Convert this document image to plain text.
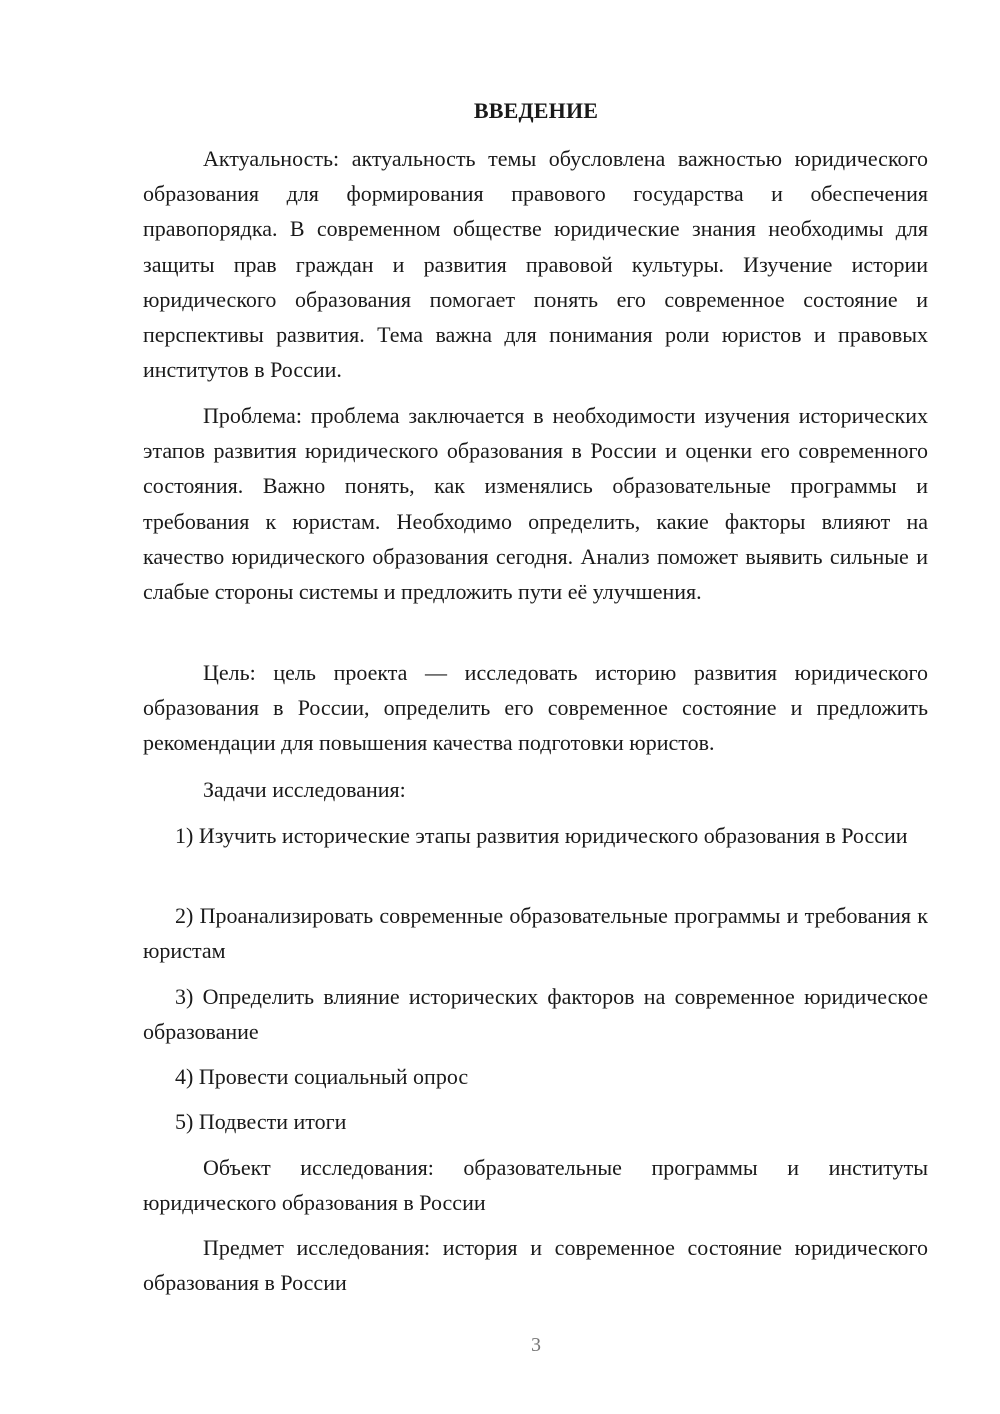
ВВЕДЕНИЕ

Актуальность: актуальность темы обусловлена важностью юридического образования для формирования правового государства и обеспечения правопорядка. В современном обществе юридические знания необходимы для защиты прав граждан и развития правовой культуры. Изучение истории юридического образования помогает понять его современное состояние и перспективы развития. Тема важна для понимания роли юристов и правовых институтов в России.

Проблема: проблема заключается в необходимости изучения исторических этапов развития юридического образования в России и оценки его современного состояния. Важно понять, как изменялись образовательные программы и требования к юристам. Необходимо определить, какие факторы влияют на качество юридического образования сегодня. Анализ поможет выявить сильные и слабые стороны системы и предложить пути её улучшения.

Цель: цель проекта — исследовать историю развития юридического образования в России, определить его современное состояние и предложить рекомендации для повышения качества подготовки юристов.

Задачи исследования:

1) Изучить исторические этапы развития юридического образования в России

2) Проанализировать современные образовательные программы и требования к юристам

3) Определить влияние исторических факторов на современное юридическое образование

4) Провести социальный опрос

5) Подвести итоги

Объект исследования: образовательные программы и институты юридического образования в России

Предмет исследования: история и современное состояние юридического образования в России

3
